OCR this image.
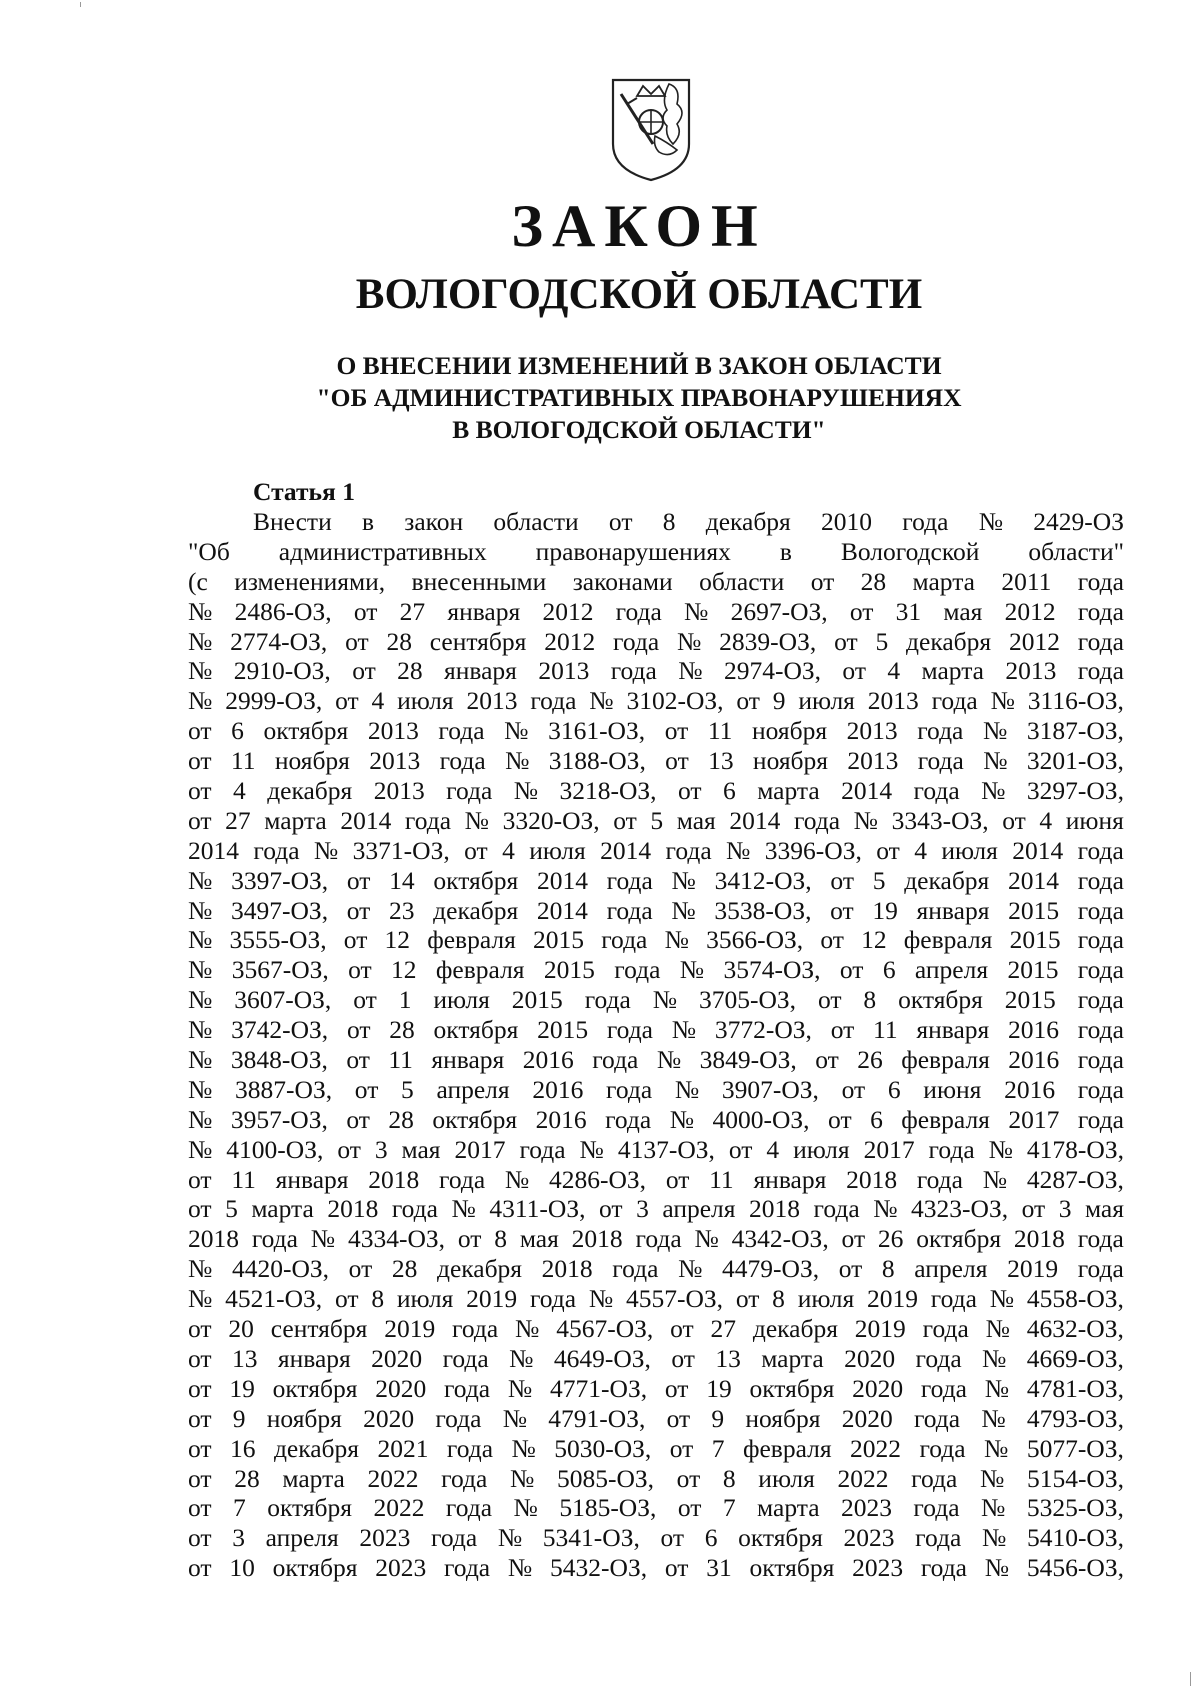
ЗАКОН
ВОЛОГОДСКОЙ ОБЛАСТИ
О ВНЕСЕНИИ ИЗМЕНЕНИЙ В ЗАКОН ОБЛАСТИ
"ОБ АДМИНИСТРАТИВНЫХ ПРАВОНАРУШЕНИЯХ
В ВОЛОГОДСКОЙ ОБЛАСТИ"
Статья 1
Внести в закон области от 8 декабря 2010 года № 2429-ОЗ
"Об административных правонарушениях в Вологодской области"
(с изменениями, внесенными законами области от 28 марта 2011 года
№ 2486-ОЗ, от 27 января 2012 года № 2697-ОЗ, от 31 мая 2012 года
№ 2774-ОЗ, от 28 сентября 2012 года № 2839-ОЗ, от 5 декабря 2012 года
№ 2910-ОЗ, от 28 января 2013 года № 2974-ОЗ, от 4 марта 2013 года
№ 2999-ОЗ, от 4 июля 2013 года № 3102-ОЗ, от 9 июля 2013 года № 3116-ОЗ,
от 6 октября 2013 года № 3161-ОЗ, от 11 ноября 2013 года № 3187-ОЗ,
от 11 ноября 2013 года № 3188-ОЗ, от 13 ноября 2013 года № 3201-ОЗ,
от 4 декабря 2013 года № 3218-ОЗ, от 6 марта 2014 года № 3297-ОЗ,
от 27 марта 2014 года № 3320-ОЗ, от 5 мая 2014 года № 3343-ОЗ, от 4 июня
2014 года № 3371-ОЗ, от 4 июля 2014 года № 3396-ОЗ, от 4 июля 2014 года
№ 3397-ОЗ, от 14 октября 2014 года № 3412-ОЗ, от 5 декабря 2014 года
№ 3497-ОЗ, от 23 декабря 2014 года № 3538-ОЗ, от 19 января 2015 года
№ 3555-ОЗ, от 12 февраля 2015 года № 3566-ОЗ, от 12 февраля 2015 года
№ 3567-ОЗ, от 12 февраля 2015 года № 3574-ОЗ, от 6 апреля 2015 года
№ 3607-ОЗ, от 1 июля 2015 года № 3705-ОЗ, от 8 октября 2015 года
№ 3742-ОЗ, от 28 октября 2015 года № 3772-ОЗ, от 11 января 2016 года
№ 3848-ОЗ, от 11 января 2016 года № 3849-ОЗ, от 26 февраля 2016 года
№ 3887-ОЗ, от 5 апреля 2016 года № 3907-ОЗ, от 6 июня 2016 года
№ 3957-ОЗ, от 28 октября 2016 года № 4000-ОЗ, от 6 февраля 2017 года
№ 4100-ОЗ, от 3 мая 2017 года № 4137-ОЗ, от 4 июля 2017 года № 4178-ОЗ,
от 11 января 2018 года № 4286-ОЗ, от 11 января 2018 года № 4287-ОЗ,
от 5 марта 2018 года № 4311-ОЗ, от 3 апреля 2018 года № 4323-ОЗ, от 3 мая
2018 года № 4334-ОЗ, от 8 мая 2018 года № 4342-ОЗ, от 26 октября 2018 года
№ 4420-ОЗ, от 28 декабря 2018 года № 4479-ОЗ, от 8 апреля 2019 года
№ 4521-ОЗ, от 8 июля 2019 года № 4557-ОЗ, от 8 июля 2019 года № 4558-ОЗ,
от 20 сентября 2019 года № 4567-ОЗ, от 27 декабря 2019 года № 4632-ОЗ,
от 13 января 2020 года № 4649-ОЗ, от 13 марта 2020 года № 4669-ОЗ,
от 19 октября 2020 года № 4771-ОЗ, от 19 октября 2020 года № 4781-ОЗ,
от 9 ноября 2020 года № 4791-ОЗ, от 9 ноября 2020 года № 4793-ОЗ,
от 16 декабря 2021 года № 5030-ОЗ, от 7 февраля 2022 года № 5077-ОЗ,
от 28 марта 2022 года № 5085-ОЗ, от 8 июля 2022 года № 5154-ОЗ,
от 7 октября 2022 года № 5185-ОЗ, от 7 марта 2023 года № 5325-ОЗ,
от 3 апреля 2023 года № 5341-ОЗ, от 6 октября 2023 года № 5410-ОЗ,
от 10 октября 2023 года № 5432-ОЗ, от 31 октября 2023 года № 5456-ОЗ,
